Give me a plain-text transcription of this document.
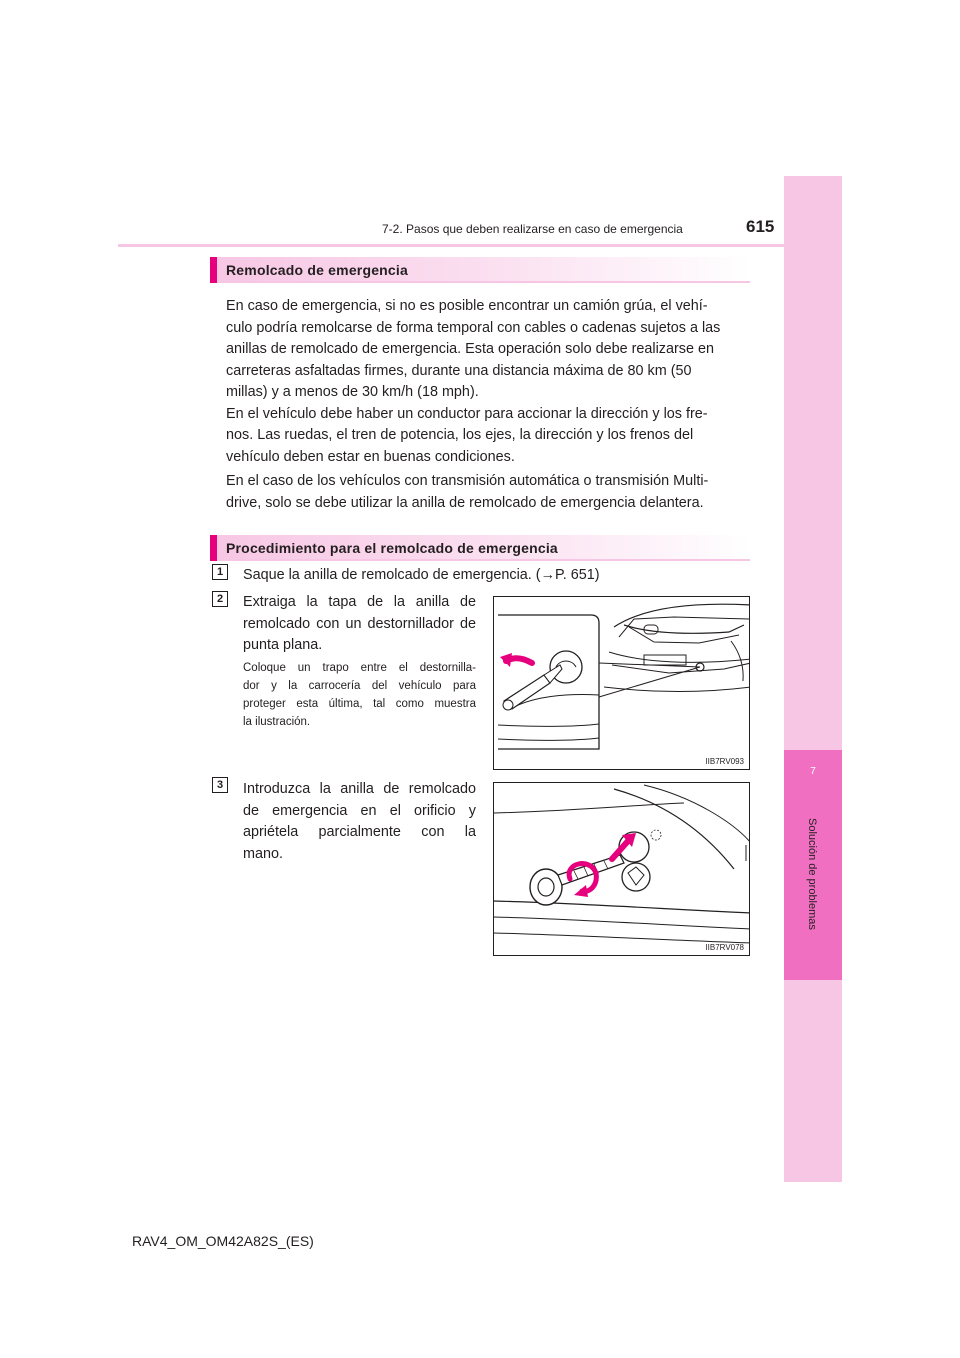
7
Solución de problemas
7-2. Pasos que deben realizarse en caso de emergencia	615
Remolcado de emergencia
En caso de emergencia, si no es posible encontrar un camión grúa, el vehí-
culo podría remolcarse de forma temporal con cables o cadenas sujetos a las
anillas de remolcado de emergencia. Esta operación solo debe realizarse en
carreteras asfaltadas firmes, durante una distancia máxima de 80 km (50
millas) y a menos de 30 km/h (18 mph).
En el vehículo debe haber un conductor para accionar la dirección y los fre-
nos. Las ruedas, el tren de potencia, los ejes, la dirección y los frenos del
vehículo deben estar en buenas condiciones.
En el caso de los vehículos con transmisión automática o transmisión Multi-
drive, solo se debe utilizar la anilla de remolcado de emergencia delantera.
Procedimiento para el remolcado de emergencia
1	Saque la anilla de remolcado de emergencia. (→P. 651)
2	Extraiga la tapa de la anilla de
remolcado con un destornillador de
punta plana.
Coloque un trapo entre el destornilla-
dor y la carrocería del vehículo para
proteger esta última, tal como muestra
la ilustración.
IIB7RV093
3	Introduzca la anilla de remolcado
de emergencia en el orificio y
apriétela parcialmente con la
mano.
IIB7RV078
RAV4_OM_OM42A82S_(ES)
